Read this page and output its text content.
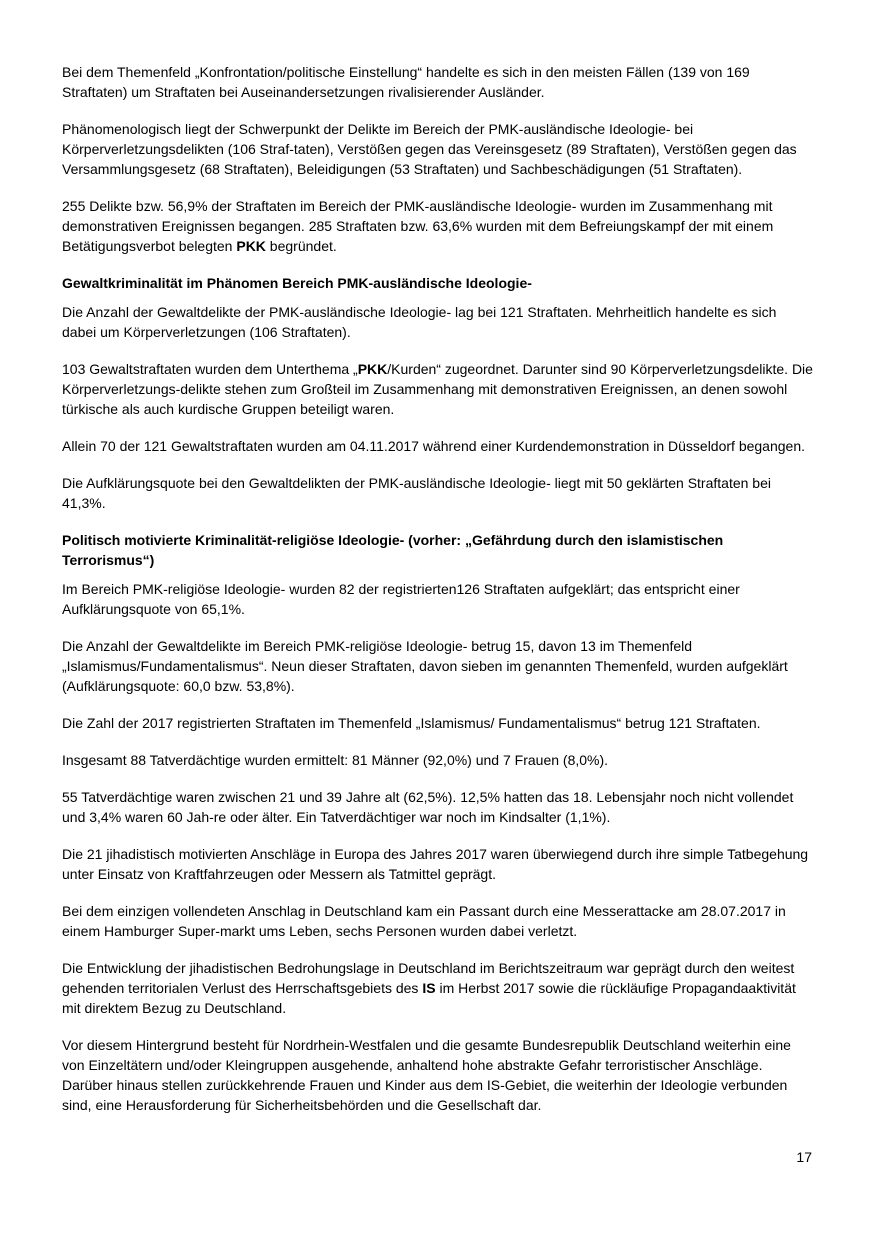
Bei dem Themenfeld „Konfrontation/politische Einstellung“ handelte es sich in den meisten Fällen (139 von 169 Straftaten) um Straftaten bei Auseinandersetzungen rivalisierender Ausländer.

Phänomenologisch liegt der Schwerpunkt der Delikte im Bereich der PMK-ausländische Ideologie- bei Körperverletzungsdelikten (106 Straf-taten), Verstößen gegen das Vereinsgesetz (89 Straftaten), Verstößen gegen das Versammlungsgesetz (68 Straftaten), Beleidigungen (53 Straftaten) und Sachbeschädigungen (51 Straftaten).

255 Delikte bzw. 56,9% der Straftaten im Bereich der PMK-ausländische Ideologie- wurden im Zusammenhang mit demonstrativen Ereignissen begangen. 285 Straftaten bzw. 63,6% wurden mit dem Befreiungskampf der mit einem Betätigungsverbot belegten PKK begründet.

Gewaltkriminalität im Phänomen Bereich PMK-ausländische Ideologie-

Die Anzahl der Gewaltdelikte der PMK-ausländische Ideologie- lag bei 121 Straftaten. Mehrheitlich handelte es sich dabei um Körperverletzungen (106 Straftaten).

103 Gewaltstraftaten wurden dem Unterthema „PKK/Kurden“ zugeordnet. Darunter sind 90 Körperverletzungsdelikte. Die Körperverletzungs-delikte stehen zum Großteil im Zusammenhang mit demonstrativen Ereignissen, an denen sowohl türkische als auch kurdische Gruppen beteiligt waren.

Allein 70 der 121 Gewaltstraftaten wurden am 04.11.2017 während einer Kurdendemonstration in Düsseldorf begangen.

Die Aufklärungsquote bei den Gewaltdelikten der PMK-ausländische Ideologie- liegt mit 50 geklärten Straftaten bei 41,3%.

Politisch motivierte Kriminalität-religiöse Ideologie- (vorher: „Gefährdung durch den islamistischen Terrorismus“)

Im Bereich PMK-religiöse Ideologie- wurden 82 der registrierten126 Straftaten aufgeklärt; das entspricht einer Aufklärungsquote von 65,1%.

Die Anzahl der Gewaltdelikte im Bereich PMK-religiöse Ideologie- betrug 15, davon 13 im Themenfeld „Islamismus/Fundamentalismus“. Neun dieser Straftaten, davon sieben im genannten Themenfeld, wurden aufgeklärt (Aufklärungsquote: 60,0 bzw. 53,8%).

Die Zahl der 2017 registrierten Straftaten im Themenfeld „Islamismus/ Fundamentalismus“ betrug 121 Straftaten.

Insgesamt 88 Tatverdächtige wurden ermittelt: 81 Männer (92,0%) und 7 Frauen (8,0%).

55 Tatverdächtige waren zwischen 21 und 39 Jahre alt (62,5%). 12,5% hatten das 18. Lebensjahr noch nicht vollendet und 3,4% waren 60 Jah-re oder älter. Ein Tatverdächtiger war noch im Kindsalter (1,1%).

Die 21 jihadistisch motivierten Anschläge in Europa des Jahres 2017 waren überwiegend durch ihre simple Tatbegehung unter Einsatz von Kraftfahrzeugen oder Messern als Tatmittel geprägt.

Bei dem einzigen vollendeten Anschlag in Deutschland kam ein Passant durch eine Messerattacke am 28.07.2017 in einem Hamburger Super-markt ums Leben, sechs Personen wurden dabei verletzt.

Die Entwicklung der jihadistischen Bedrohungslage in Deutschland im Berichtszeitraum war geprägt durch den weitest gehenden territorialen Verlust des Herrschaftsgebiets des IS im Herbst 2017 sowie die rückläufige Propagandaaktivität mit direktem Bezug zu Deutschland.

Vor diesem Hintergrund besteht für Nordrhein-Westfalen und die gesamte Bundesrepublik Deutschland weiterhin eine von Einzeltätern und/oder Kleingruppen ausgehende, anhaltend hohe abstrakte Gefahr terroristischer Anschläge. Darüber hinaus stellen zurückkehrende Frauen und Kinder aus dem IS-Gebiet, die weiterhin der Ideologie verbunden sind, eine Herausforderung für Sicherheitsbehörden und die Gesellschaft dar.

17
